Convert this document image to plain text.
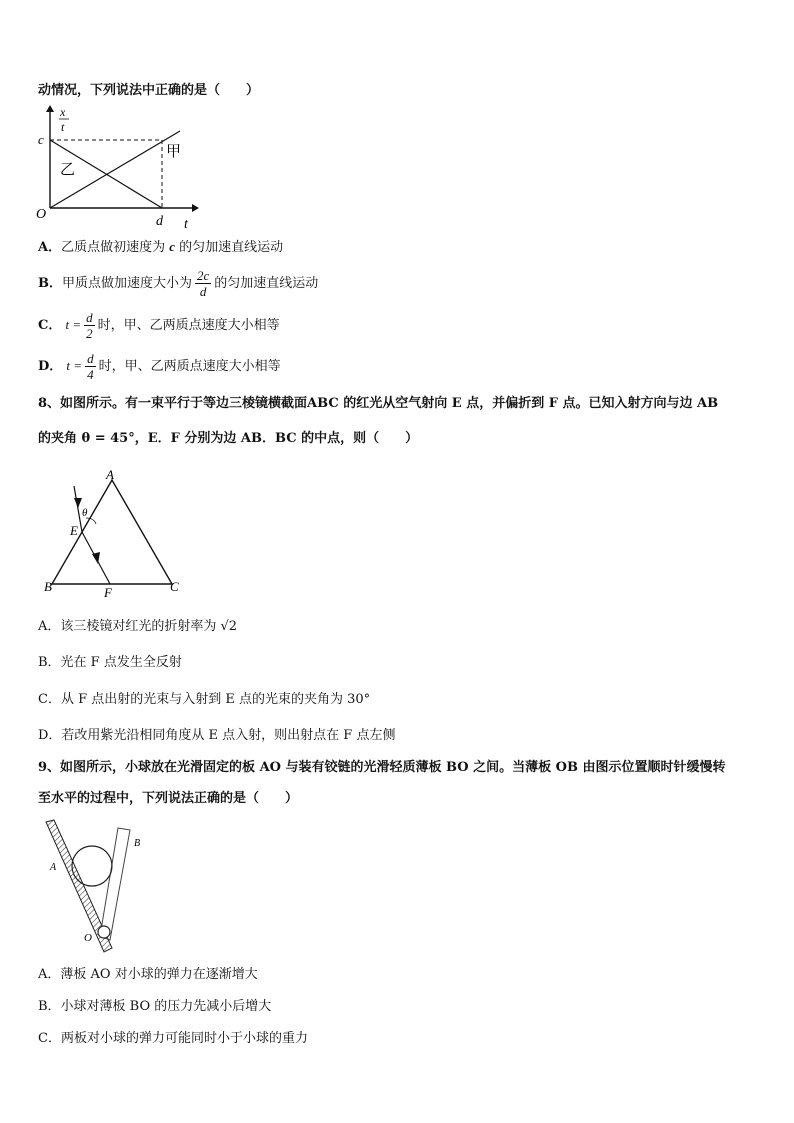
动情况，下列说法中正确的是（　　）
x
t
c
O	d t
甲
乙
A．乙质点做初速度为 c 的匀加速直线运动
B．甲质点做加速度大小为 $\frac{2c}{d}$ 的匀加速直线运动
C． $t = \frac{d}{2}$ 时，甲、乙两质点速度大小相等
D． $t = \frac{d}{4}$ 时，甲、乙两质点速度大小相等
8、如图所示。有一束平行于等边三棱镜横截面ABC 的红光从空气射向 E 点，并偏折到 F 点。已知入射方向与边 AB
的夹角 θ = 45°，E．F 分别为边 AB．BC 的中点，则（　　）
A
B	C
E
F
θ
A．该三棱镜对红光的折射率为 √2
B．光在 F 点发生全反射
C．从 F 点出射的光束与入射到 E 点的光束的夹角为 30°
D．若改用紫光沿相同角度从 E 点入射，则出射点在 F 点左侧
9、如图所示，小球放在光滑固定的板 AO 与装有铰链的光滑轻质薄板 BO 之间。当薄板 OB 由图示位置顺时针缓慢转
至水平的过程中，下列说法正确的是（　　）
A
B
O
A．薄板 AO 对小球的弹力在逐渐增大
B．小球对薄板 BO 的压力先减小后增大
C．两板对小球的弹力可能同时小于小球的重力
